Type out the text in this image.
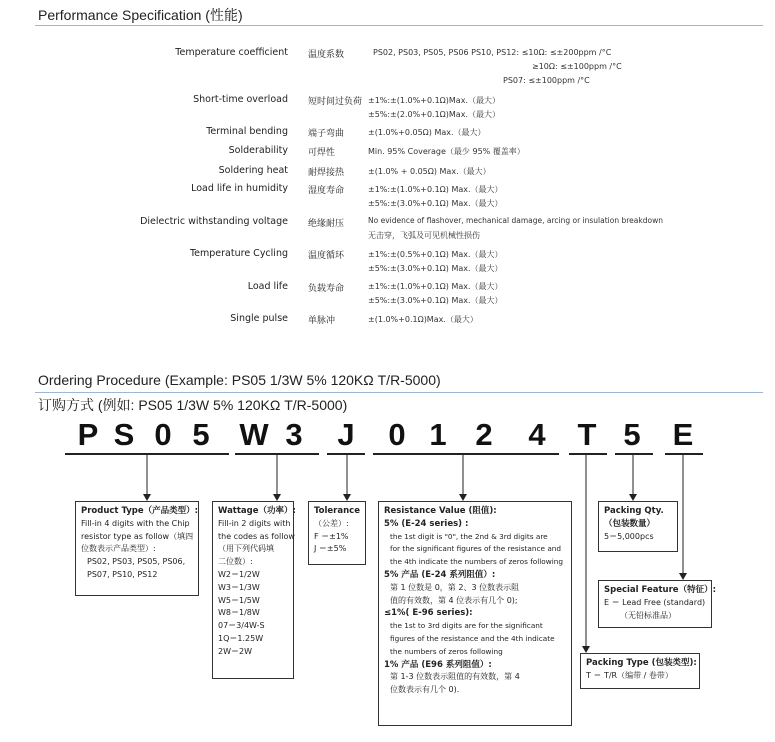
Performance Specification (性能)
Temperature coefficient 温度系数	PS02, PS03, PS05, PS06 PS10, PS12: ≤10Ω: ≤±200ppm /°C
≥10Ω: ≤±100ppm /°C
PS07: ≤±100ppm /°C
Short-time overload 短时间过负荷 ±1%:±(1.0%+0.1Ω)Max.（最大）
±5%:±(2.0%+0.1Ω)Max.（最大）
Terminal bending 端子弯曲	±(1.0%+0.05Ω) Max.（最大）
Solderability 可焊性	Min. 95% Coverage（最少 95% 覆盖率）
Soldering heat 耐焊接热	±(1.0% + 0.05Ω) Max.（最大）
Load life in humidity 湿度寿命	±1%:±(1.0%+0.1Ω) Max.（最大）
±5%:±(3.0%+0.1Ω) Max.（最大）
Dielectric withstanding voltage 绝缘耐压	No evidence of flashover, mechanical damage, arcing or insulation breakdown
无击穿，飞弧及可见机械性损伤
Temperature Cycling 温度循环	±1%:±(0.5%+0.1Ω) Max.（最大）
±5%:±(3.0%+0.1Ω) Max.（最大）
Load life 负载寿命	±1%:±(1.0%+0.1Ω) Max.（最大）
±5%:±(3.0%+0.1Ω) Max.（最大）
Single pulse 单脉冲	±(1.0%+0.1Ω)Max.（最大）
Ordering Procedure (Example: PS05 1/3W 5% 120KΩ T/R-5000)
订购方式 (例如: PS05 1/3W 5% 120KΩ T/R-5000)
P S 0 5 W 3 J 0 1 2 4 T 5 E
Product Type（产品类型）:
Fill-in 4 digits with the Chip
resistor type as follow（填四
位数表示产品类型）:
PS02, PS03, PS05, PS06,
PS07, PS10, PS12
Wattage（功率）:
Fill-in 2 digits with
the codes as follow
（用下列代码填
二位数）:
W2＝1/2W
W3＝1/3W
W5＝1/5W
W8＝1/8W
07＝3/4W-S
1Q＝1.25W
2W＝2W
Tolerance
（公差）:
F ＝±1%
J ＝±5%
Resistance Value (阻值):
5% (E-24 series) :
the 1st digit is "0", the 2nd & 3rd digits are
for the significant figures of the resistance and
the 4th indicate the numbers of zeros following
5% 产品 (E-24 系列阻值）:
第 1 位数是 0，第 2、3 位数表示阻
值的有效数，第 4 位表示有几个 0);
≤1%( E-96 series):
the 1st to 3rd digits are for the significant
figures of the resistance and the 4th indicate
the numbers of zeros following
1% 产品 (E96 系列阻值）:
第 1-3 位数表示阻值的有效数，第 4
位数表示有几个 0).
Packing Qty.
（包装数量）
5＝5,000pcs
Special Feature（特征）:
E ＝ Lead Free (standard)
（无铅标准品）
Packing Type (包装类型):
T ＝ T/R（编带 / 卷带）
